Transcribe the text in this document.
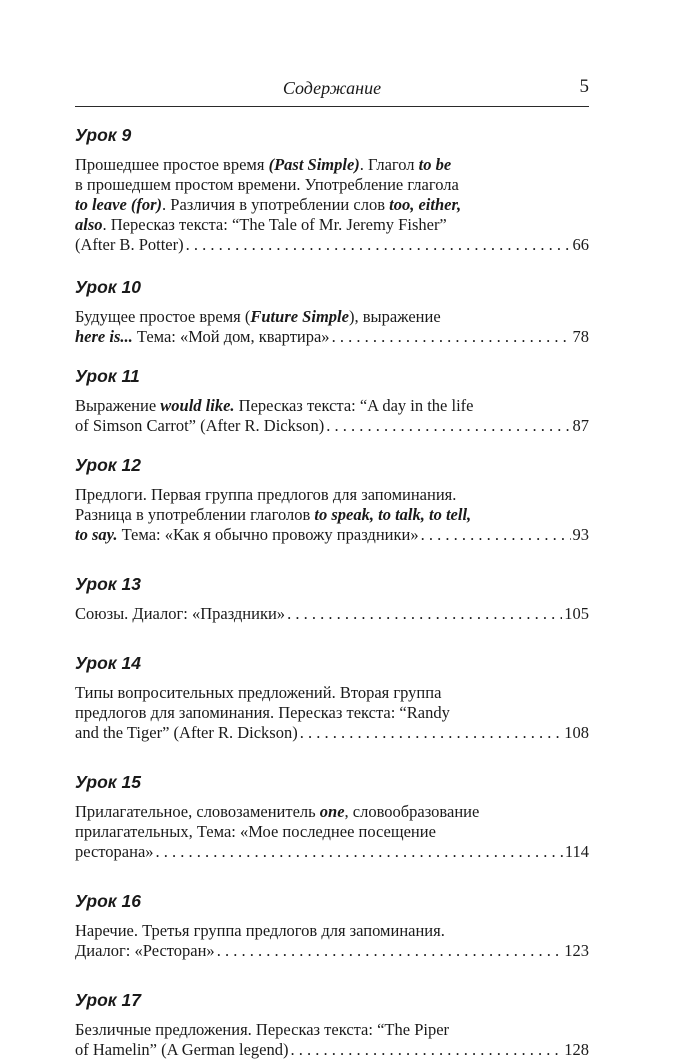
Содержание	5
Урок 9
Прошедшее простое время (Past Simple). Глагол to be
в прошедшем простом времени. Употребление глагола
to leave (for). Различия в употреблении слов too, either,
also. Пересказ текста: “The Tale of Mr. Jeremy Fisher”
(After B. Potter) . . .	66
Урок 10
Будущее простое время (Future Simple), выражение
here is... Тема: «Мой дом, квартира» . . .	78
Урок 11
Выражение would like. Пересказ текста: “A day in the life
of Simson Carrot” (After R. Dickson) . . .	87
Урок 12
Предлоги. Первая группа предлогов для запоминания.
Разница в употреблении глаголов to speak, to talk, to tell,
to say. Тема: «Как я обычно провожу праздники» . . .	93
Урок 13
Союзы. Диалог: «Праздники» . . .	105
Урок 14
Типы вопросительных предложений. Вторая группа
предлогов для запоминания. Пересказ текста: “Randy
and the Tiger” (After R. Dickson) . . .	108
Урок 15
Прилагательное, словозаменитель one, словообразование
прилагательных, Тема: «Мое последнее посещение
ресторана» . . .	114
Урок 16
Наречие. Третья группа предлогов для запоминания.
Диалог: «Ресторан» . . .	123
Урок 17
Безличные предложения. Пересказ текста: “The Piper
of Hamelin” (A German legend) . . .	128
